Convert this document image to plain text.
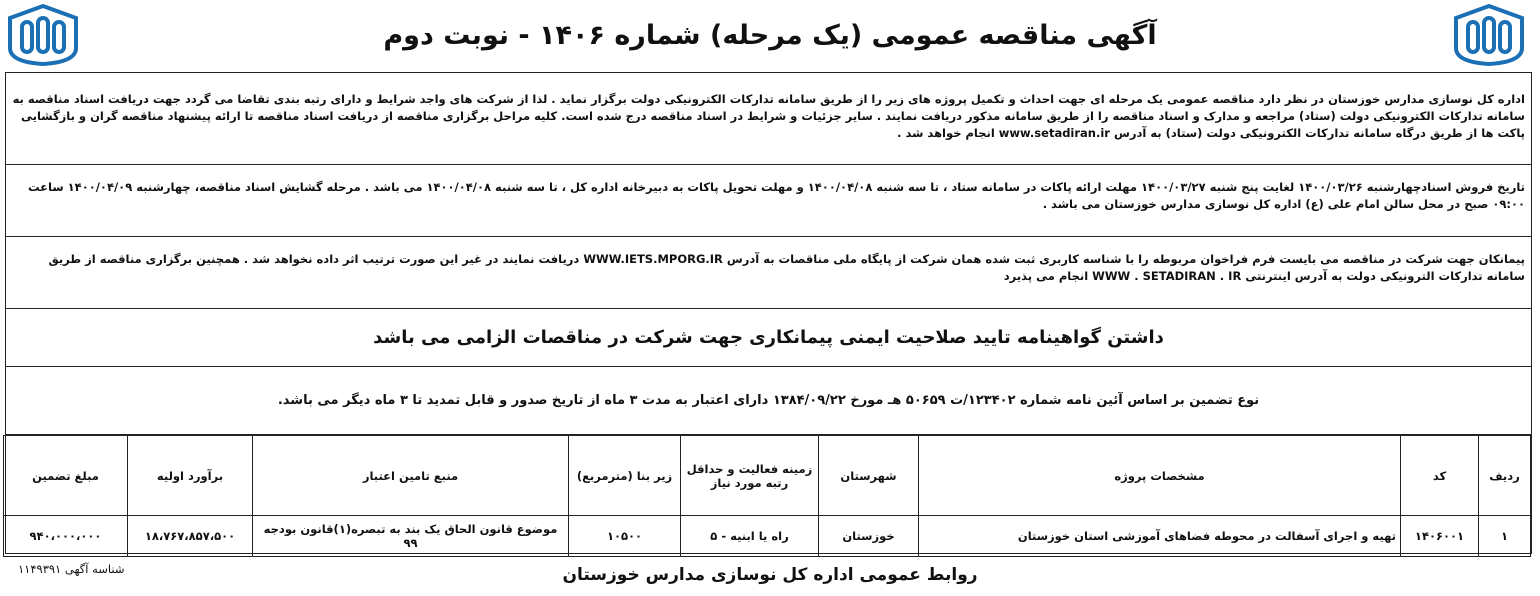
آگهی مناقصه عمومی (یک مرحله) شماره ۱۴۰۶ - نوبت دوم
اداره کل نوسازی مدارس خوزستان در نظر دارد مناقصه عمومی یک مرحله ای جهت احداث و تکمیل پروژه های زیر را از طریق سامانه تدارکات الکترونیکی دولت برگزار نماید . لذا از شرکت های واجد شرایط و دارای رتبه بندی تقاضا می گردد جهت دریافت اسناد مناقصه به سامانه تدارکات الکترونیکی دولت (ستاد) مراجعه و مدارک و اسناد مناقصه را از طریق سامانه مذکور دریافت نمایند . سایر جزئیات و شرایط در اسناد مناقصه درج شده است. کلیه مراحل برگزاری مناقصه از دریافت اسناد مناقصه تا ارائه پیشنهاد مناقصه گران و بازگشایی پاکت ها از طریق درگاه سامانه تدارکات الکترونیکی دولت (ستاد) به آدرس www.setadiran.ir انجام خواهد شد .
تاریخ فروش اسنادچهارشنبه ۱۴۰۰/۰۳/۲۶ لغایت پنج شنبه ۱۴۰۰/۰۳/۲۷ مهلت ارائه پاکات در سامانه ستاد ، تا سه شنبه ۱۴۰۰/۰۴/۰۸ و مهلت تحویل پاکات به دبیرخانه اداره کل ، تا سه شنبه ۱۴۰۰/۰۴/۰۸ می باشد . مرحله گشایش اسناد مناقصه، چهارشنبه ۱۴۰۰/۰۴/۰۹ ساعت ۰۹:۰۰ صبح در محل سالن امام علی (ع) اداره کل نوسازی مدارس خوزستان می باشد .
پیمانکان جهت شرکت در مناقصه می بایست فرم فراخوان مربوطه را با شناسه کاربری ثبت شده همان شرکت از پایگاه ملی مناقصات به آدرس WWW.IETS.MPORG.IR دریافت نمایند در غیر این صورت ترتیب اثر داده نخواهد شد . همچنین برگزاری مناقصه از طریق سامانه تدارکات الترونیکی دولت به آدرس اینترنتی WWW . SETADIRAN . IR انجام می پذیرد
داشتن گواهینامه تایید صلاحیت ایمنی پیمانکاری جهت شرکت در مناقصات الزامی می باشد
نوع تضمین بر اساس آئین نامه شماره ۱۲۳۴۰۲/ت ۵۰۶۵۹ هـ مورخ ۱۳۸۴/۰۹/۲۲ دارای اعتبار به مدت ۳ ماه از تاریخ صدور و قابل تمدید تا ۳ ماه دیگر می باشد.
ردیف	کد	مشخصات پروژه	شهرستان	زمینه فعالیت و حداقل رتبه مورد نیاز	زیر بنا (مترمربع)	منبع تامین اعتبار	برآورد اولیه	مبلغ تضمین
۱	۱۴۰۶۰۰۱	تهیه و اجرای آسفالت در محوطه فضاهای آموزشی استان خوزستان	خوزستان	راه یا ابنیه - ۵	۱۰۵۰۰	موضوع قانون الحاق یک بند به تبصره(۱)قانون بودجه ۹۹	۱۸،۷۶۷،۸۵۷،۵۰۰	۹۴۰،۰۰۰،۰۰۰
روابط عمومی اداره کل نوسازی مدارس خوزستان
شناسه آگهی ۱۱۴۹۳۹۱
